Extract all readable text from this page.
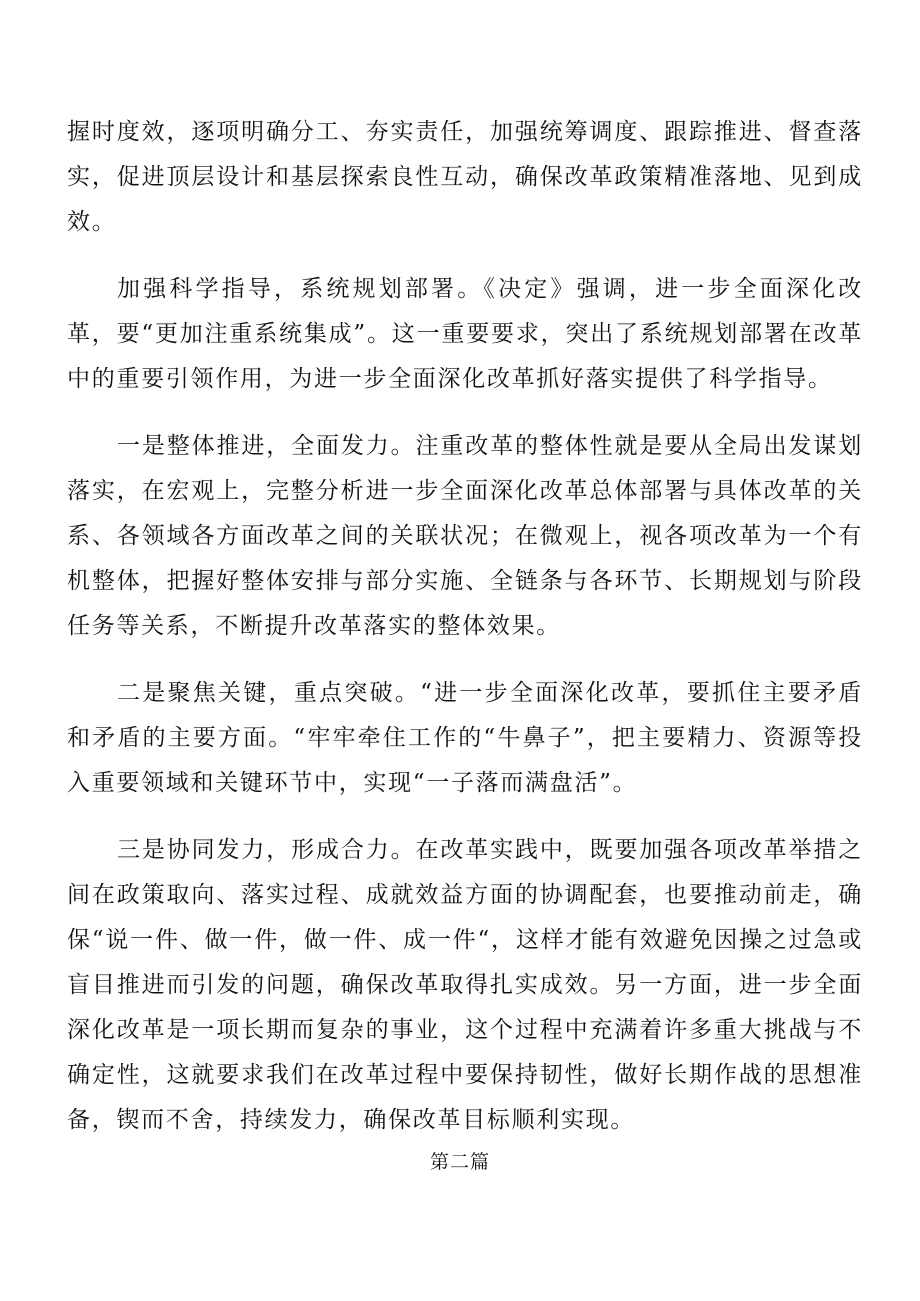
握时度效，逐项明确分工、夯实责任，加强统筹调度、跟踪推进、督查落实，促进顶层设计和基层探索良性互动，确保改革政策精准落地、见到成效。

加强科学指导，系统规划部署。《决定》强调，进一步全面深化改革，要“更加注重系统集成”。这一重要要求，突出了系统规划部署在改革中的重要引领作用，为进一步全面深化改革抓好落实提供了科学指导。

一是整体推进，全面发力。注重改革的整体性就是要从全局出发谋划落实，在宏观上，完整分析进一步全面深化改革总体部署与具体改革的关系、各领域各方面改革之间的关联状况；在微观上，视各项改革为一个有机整体，把握好整体安排与部分实施、全链条与各环节、长期规划与阶段任务等关系，不断提升改革落实的整体效果。

二是聚焦关键，重点突破。“进一步全面深化改革，要抓住主要矛盾和矛盾的主要方面。“牢牢牵住工作的“牛鼻子”，把主要精力、资源等投入重要领域和关键环节中，实现“一子落而满盘活”。

三是协同发力，形成合力。在改革实践中，既要加强各项改革举措之间在政策取向、落实过程、成就效益方面的协调配套，也要推动前走，确保“说一件、做一件，做一件、成一件“，这样才能有效避免因操之过急或盲目推进而引发的问题，确保改革取得扎实成效。另一方面，进一步全面深化改革是一项长期而复杂的事业，这个过程中充满着许多重大挑战与不确定性，这就要求我们在改革过程中要保持韧性，做好长期作战的思想准备，锲而不舍，持续发力，确保改革目标顺利实现。

第二篇
